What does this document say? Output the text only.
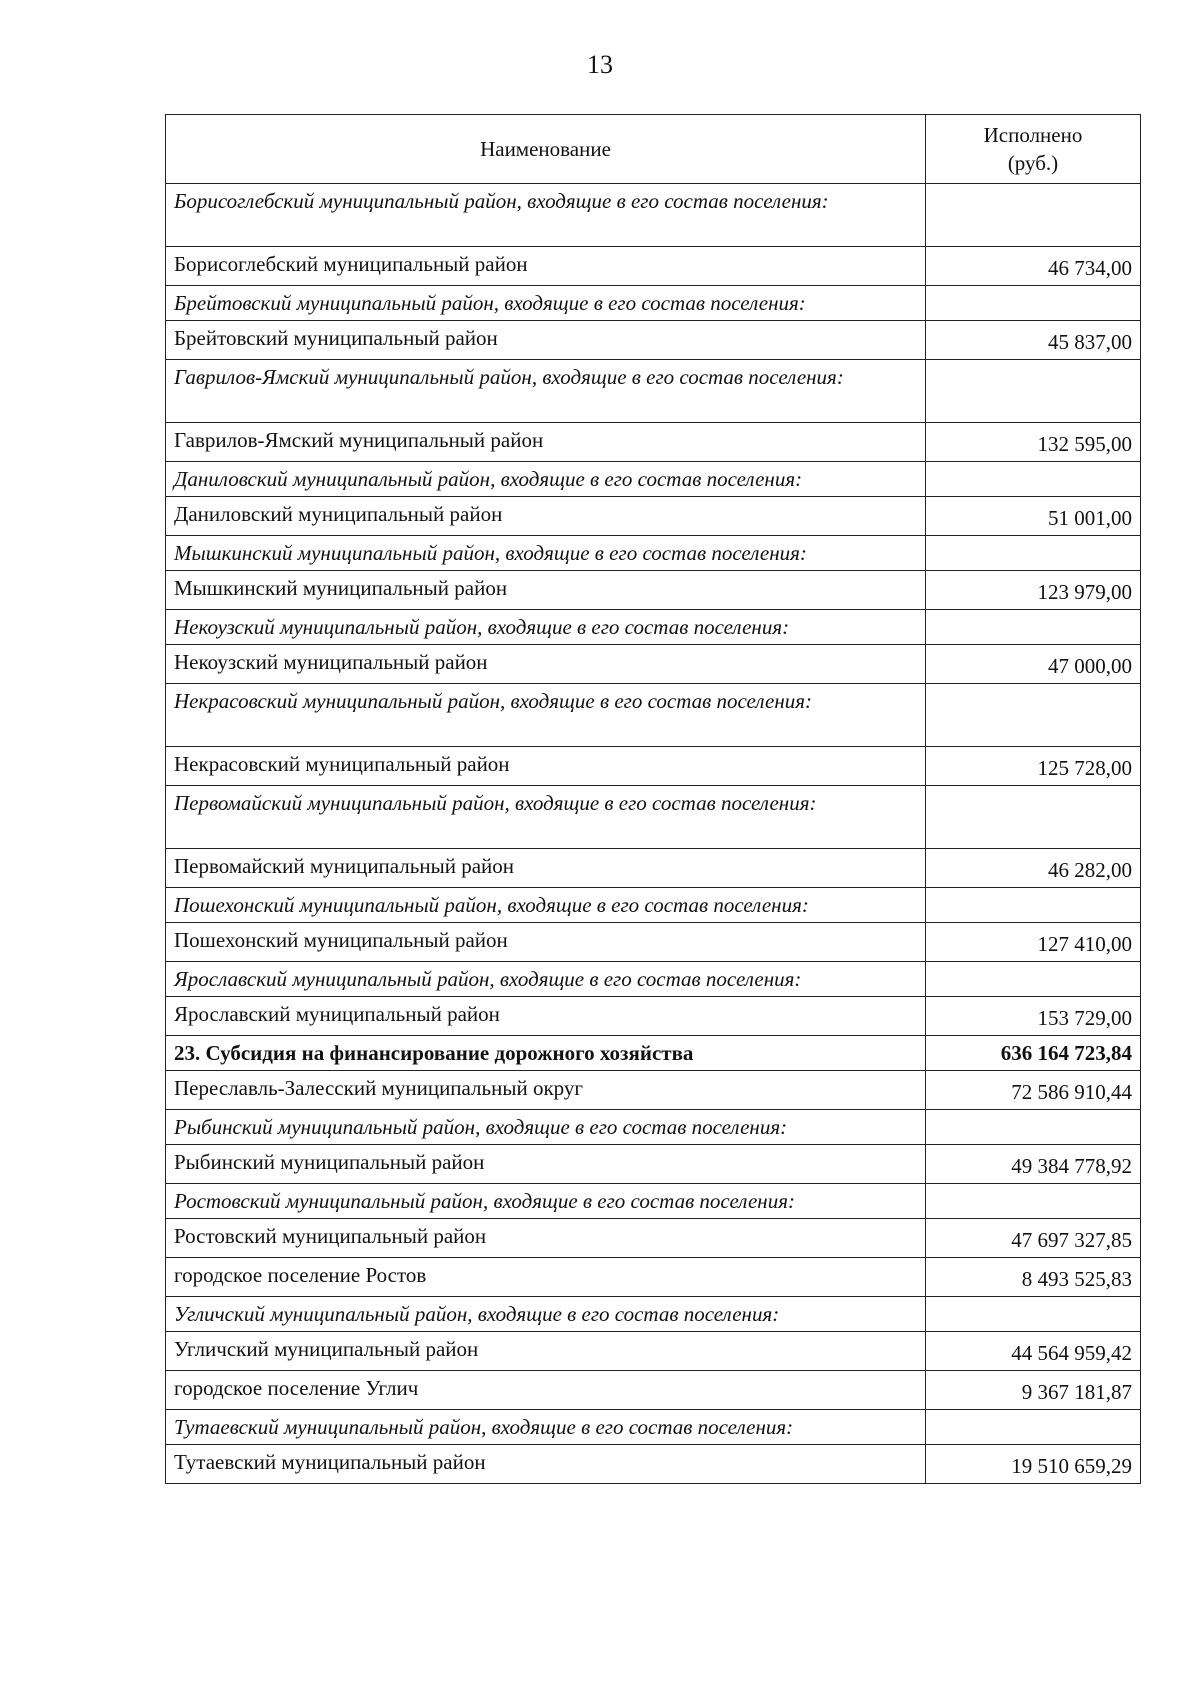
13
Наименование	Исполнено
(руб.)
Борисоглебский муниципальный район, входящие в его состав поселения:	
Борисоглебский муниципальный район	46 734,00
Брейтовский муниципальный район, входящие в его состав поселения:	
Брейтовский муниципальный район	45 837,00
Гаврилов-Ямский муниципальный район, входящие в его состав поселения:	
Гаврилов-Ямский муниципальный район	132 595,00
Даниловский муниципальный район, входящие в его состав поселения:	
Даниловский муниципальный район	51 001,00
Мышкинский муниципальный район, входящие в его состав поселения:	
Мышкинский муниципальный район	123 979,00
Некоузский муниципальный район, входящие в его состав поселения:	
Некоузский муниципальный район	47 000,00
Некрасовский муниципальный район, входящие в его состав поселения:	
Некрасовский муниципальный район	125 728,00
Первомайский муниципальный район, входящие в его состав поселения:	
Первомайский муниципальный район	46 282,00
Пошехонский муниципальный район, входящие в его состав поселения:	
Пошехонский муниципальный район	127 410,00
Ярославский муниципальный район, входящие в его состав поселения:	
Ярославский муниципальный район	153 729,00
23. Субсидия на финансирование дорожного хозяйства	636 164 723,84
Переславль-Залесский муниципальный округ	72 586 910,44
Рыбинский муниципальный район, входящие в его состав поселения:	
Рыбинский муниципальный район	49 384 778,92
Ростовский муниципальный район, входящие в его состав поселения:	
Ростовский муниципальный район	47 697 327,85
городское поселение Ростов	8 493 525,83
Угличский муниципальный район, входящие в его состав поселения:	
Угличский муниципальный район	44 564 959,42
городское поселение Углич	9 367 181,87
Тутаевский муниципальный район, входящие в его состав поселения:	
Тутаевский муниципальный район	19 510 659,29
